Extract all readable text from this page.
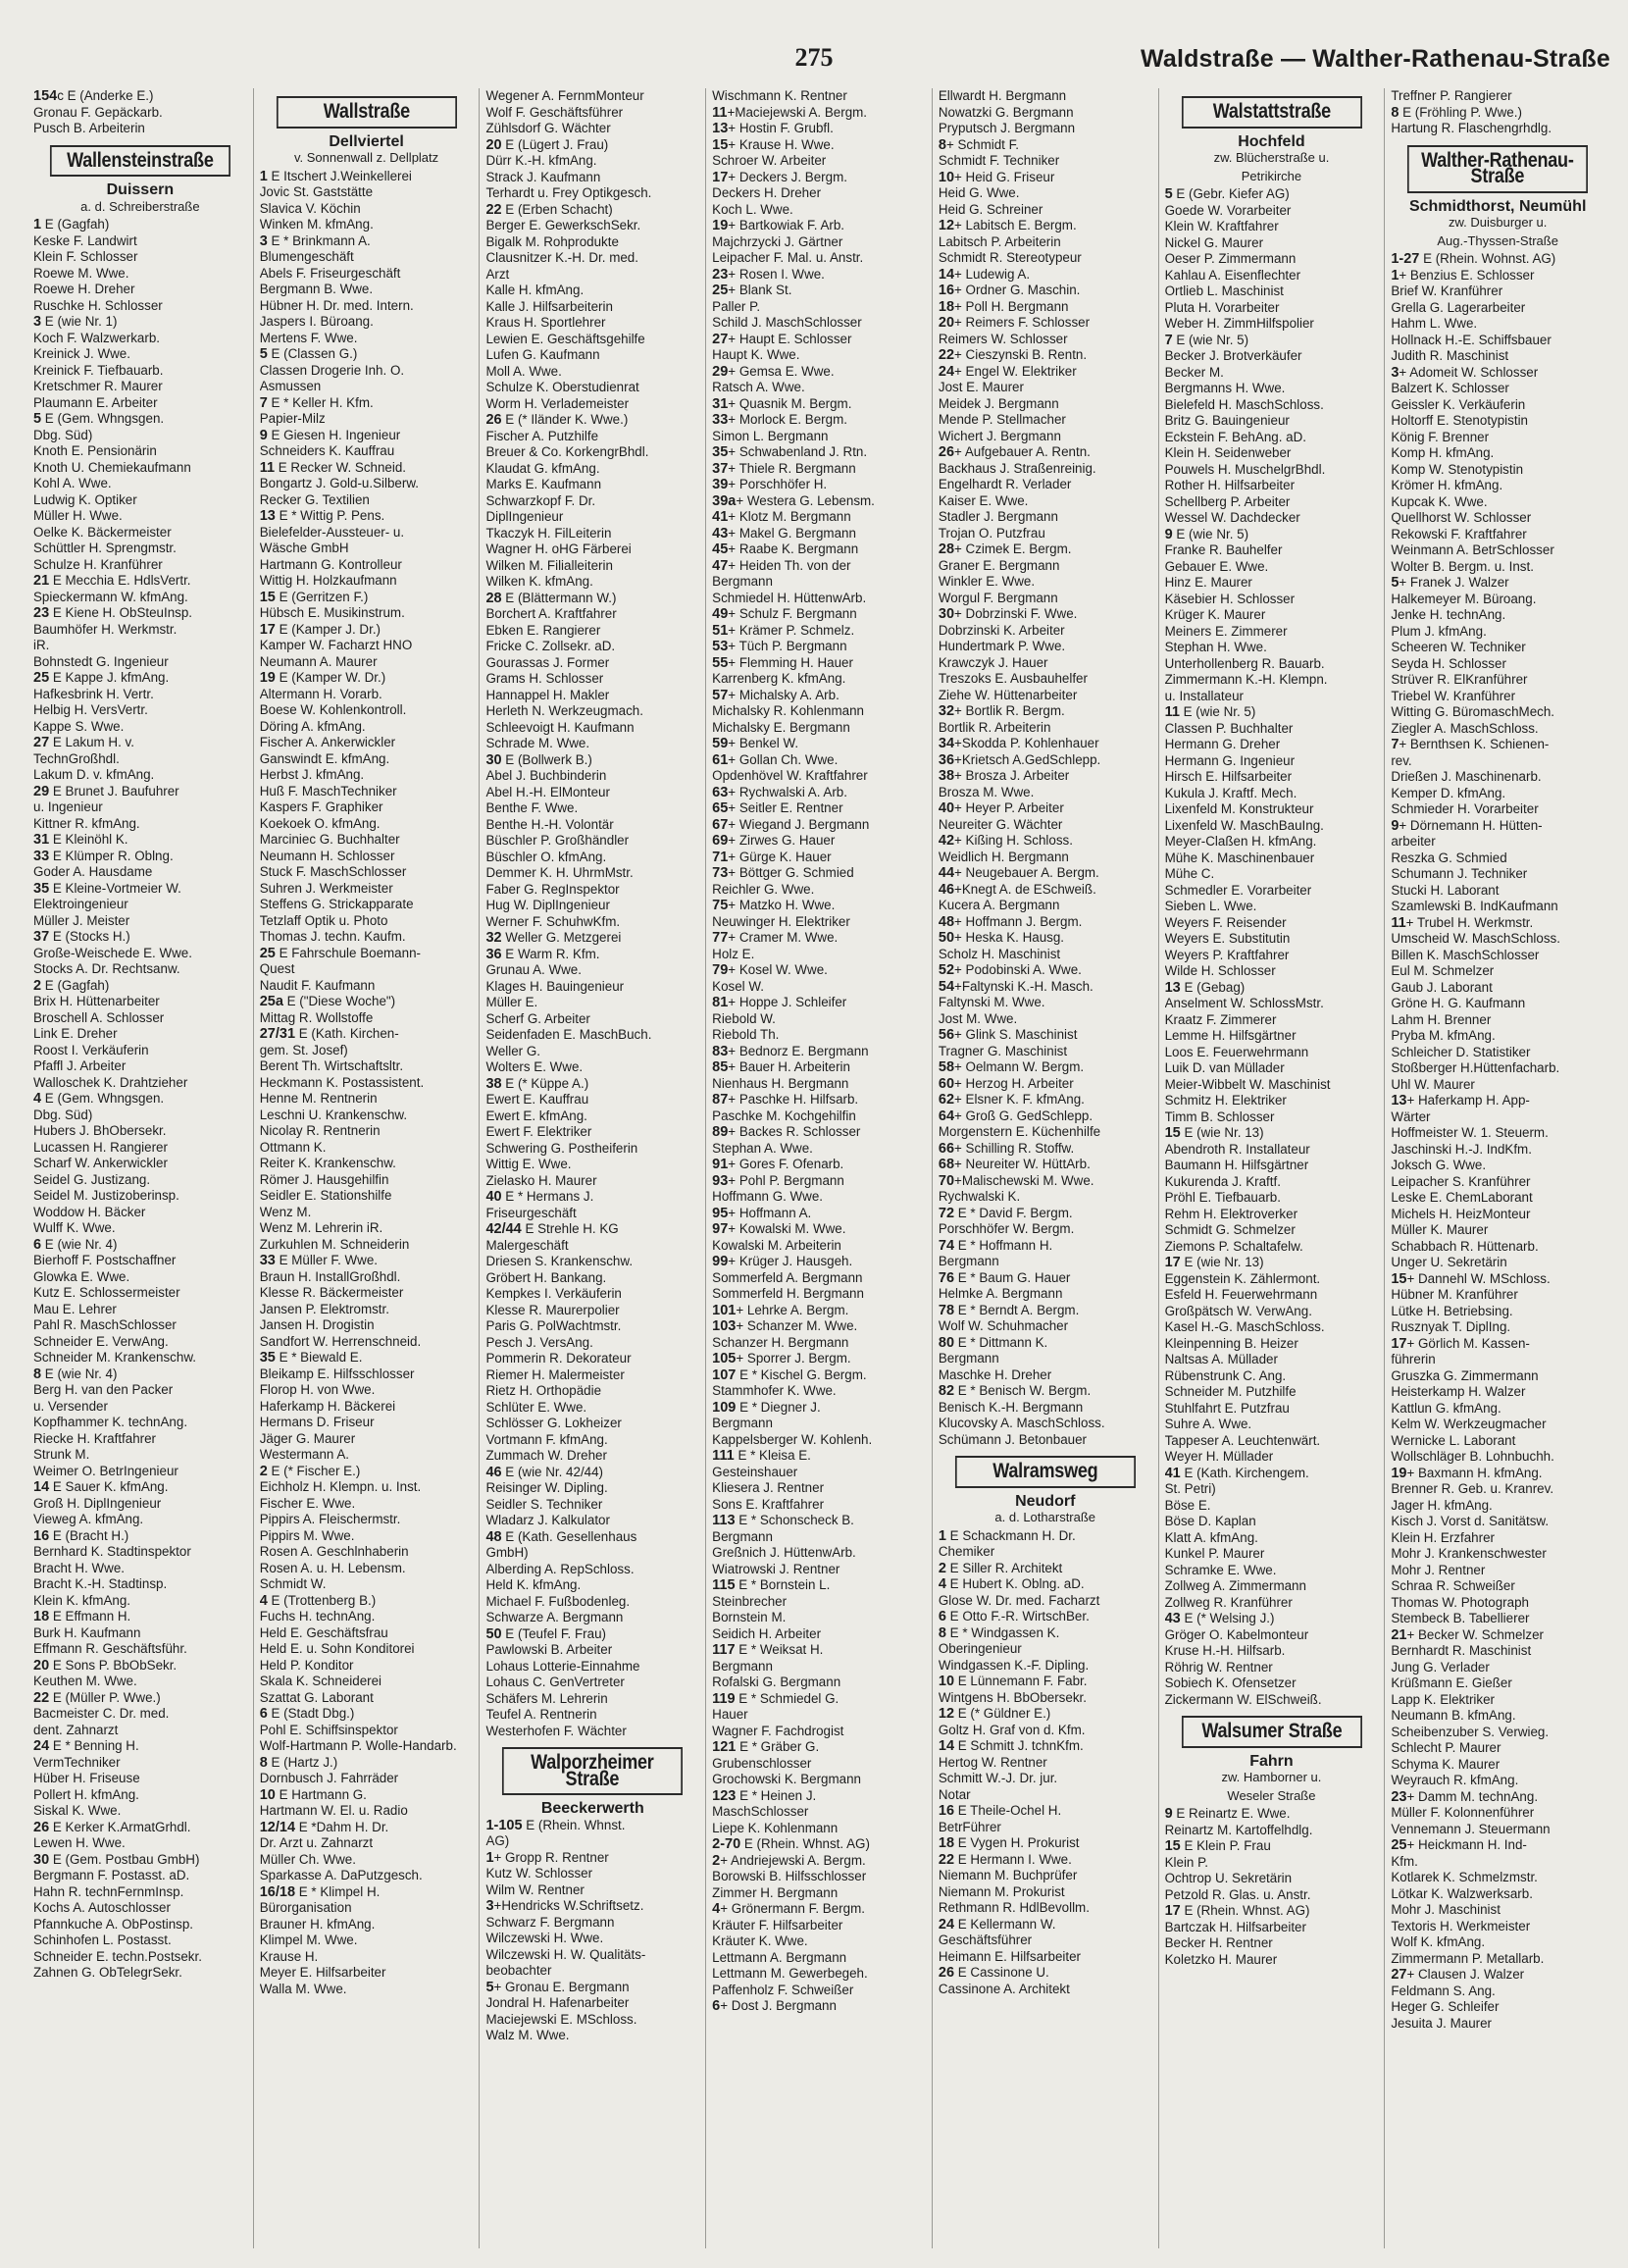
275	Waldstraße — Walther-Rathenau-Straße
154c E (Anderke E.)
Gronau F. Gepäckarb.
Pusch B. Arbeiterin
Wallensteinstraße
Duissern
a. d. Schreiberstraße
1 E (Gagfah)
Keske F. Landwirt
Klein F. Schlosser
Roewe M. Wwe.
Roewe H. Dreher
Ruschke H. Schlosser
3 E (wie Nr. 1)
Koch F. Walzwerkarb.
Kreinick J. Wwe.
Kreinick F. Tiefbauarb.
Kretschmer R. Maurer
Plaumann E. Arbeiter
5 E (Gem. Whngsgen.
Dbg. Süd)
Knoth E. Pensionärin
Knoth U. Chemiekaufmann
Kohl A. Wwe.
Ludwig K. Optiker
Müller H. Wwe.
Oelke K. Bäckermeister
Schüttler H. Sprengmstr.
Schulze H. Kranführer
21 E Mecchia E. HdlsVertr.
Spieckermann W. kfmAng.
23 E Kiene H. ObSteuInsp.
Baumhöfer H. Werkmstr.
iR.
Bohnstedt G. Ingenieur
25 E Kappe J. kfmAng.
Hafkesbrink H. Vertr.
Helbig H. VersVertr.
Kappe S. Wwe.
27 E Lakum H. v.
TechnGroßhdl.
Lakum D. v. kfmAng.
29 E Brunet J. Baufuhrer
u. Ingenieur
Kittner R. kfmAng.
31 E Kleinöhl K.
33 E Klümper R. Oblng.
Goder A. Hausdame
35 E Kleine-Vortmeier W.
Elektroingenieur
Müller J. Meister
37 E (Stocks H.)
Große-Weischede E. Wwe.
Stocks A. Dr. Rechtsanw.
2 E (Gagfah)
Brix H. Hüttenarbeiter
Broschell A. Schlosser
Link E. Dreher
Roost I. Verkäuferin
Pfaffl J. Arbeiter
Walloschek K. Drahtzieher
4 E (Gem. Whngsgen.
Dbg. Süd)
Hubers J. BhObersekr.
Lucassen H. Rangierer
Scharf W. Ankerwickler
Seidel G. Justizang.
Seidel M. Justizoberinsp.
Woddow H. Bäcker
Wulff K. Wwe.
6 E (wie Nr. 4)
Bierhoff F. Postschaffner
Glowka E. Wwe.
Kutz E. Schlossermeister
Mau E. Lehrer
Pahl R. MaschSchlosser
Schneider E. VerwAng.
Schneider M. Krankenschw.
8 E (wie Nr. 4)
Berg H. van den Packer
u. Versender
Kopfhammer K. technAng.
Riecke H. Kraftfahrer
Strunk M.
Weimer O. BetrIngenieur
14 E Sauer K. kfmAng.
Groß H. DiplIngenieur
Vieweg A. kfmAng.
16 E (Bracht H.)
Bernhard K. Stadtinspektor
Bracht H. Wwe.
Bracht K.-H. Stadtinsp.
Klein K. kfmAng.
18 E Effmann H.
Burk H. Kaufmann
Effmann R. Geschäftsführ.
20 E Sons P. BbObSekr.
Keuthen M. Wwe.
22 E (Müller P. Wwe.)
Bacmeister C. Dr. med.
dent. Zahnarzt
24 E * Benning H.
VermTechniker
Hüber H. Friseuse
Pollert H. kfmAng.
Siskal K. Wwe.
26 E Kerker K.ArmatGrhdl.
Lewen H. Wwe.
30 E (Gem. Postbau GmbH)
Bergmann F. Postasst. aD.
Hahn R. technFernmInsp.
Kochs A. Autoschlosser
Pfannkuche A. ObPostinsp.
Schinhofen L. Postasst.
Schneider E. techn.Postsekr.
Zahnen G. ObTelegrSekr.
Wallstraße
Dellviertel
v. Sonnenwall z. Dellplatz
1 E Itschert J.Weinkellerei
Jovic St. Gaststätte
Slavica V. Köchin
Winken M. kfmAng.
3 E * Brinkmann A.
Blumengeschäft
Abels F. Friseurgeschäft
Bergmann B. Wwe.
Hübner H. Dr. med. Intern.
Jaspers I. Büroang.
Mertens F. Wwe.
5 E (Classen G.)
Classen Drogerie Inh. O.
Asmussen
7 E * Keller H. Kfm.
Papier-Milz
9 E Giesen H. Ingenieur
Schneiders K. Kauffrau
11 E Recker W. Schneid.
Bongartz J. Gold-u.Silberw.
Recker G. Textilien
13 E * Wittig P. Pens.
Bielefelder-Aussteuer- u.
Wäsche GmbH
Hartmann G. Kontrolleur
Wittig H. Holzkaufmann
15 E (Gerritzen F.)
Hübsch E. Musikinstrum.
17 E (Kamper J. Dr.)
Kamper W. Facharzt HNO
Neumann A. Maurer
19 E (Kamper W. Dr.)
Altermann H. Vorarb.
Boese W. Kohlenkontroll.
Döring A. kfmAng.
Fischer A. Ankerwickler
Ganswindt E. kfmAng.
Herbst J. kfmAng.
Huß F. MaschTechniker
Kaspers F. Graphiker
Koekoek O. kfmAng.
Marciniec G. Buchhalter
Neumann H. Schlosser
Stuck F. MaschSchlosser
Suhren J. Werkmeister
Steffens G. Strickapparate
Tetzlaff Optik u. Photo
Thomas J. techn. Kaufm.
25 E Fahrschule Boemann-
Quest
Naudit F. Kaufmann
25a E ("Diese Woche")
Mittag R. Wollstoffe
27/31 E (Kath. Kirchen-
gem. St. Josef)
Berent Th. Wirtschaftsltr.
Heckmann K. Postassistent.
Henne M. Rentnerin
Leschni U. Krankenschw.
Nicolay R. Rentnerin
Ottmann K.
Reiter K. Krankenschw.
Römer J. Hausgehilfin
Seidler E. Stationshilfe
Wenz M.
Wenz M. Lehrerin iR.
Zurkuhlen M. Schneiderin
33 E Müller F. Wwe.
Braun H. InstallGroßhdl.
Klesse R. Bäckermeister
Jansen P. Elektromstr.
Jansen H. Drogistin
Sandfort W. Herrenschneid.
35 E * Biewald E.
Bleikamp E. Hilfsschlosser
Florop H. von Wwe.
Haferkamp H. Bäckerei
Hermans D. Friseur
Jäger G. Maurer
Westermann A.
2 E (* Fischer E.)
Eichholz H. Klempn. u. Inst.
Fischer E. Wwe.
Pippirs A. Fleischermstr.
Pippirs M. Wwe.
Rosen A. Geschlnhaberin
Rosen A. u. H. Lebensm.
Schmidt W.
4 E (Trottenberg B.)
Fuchs H. technAng.
Held E. Geschäftsfrau
Held E. u. Sohn Konditorei
Held P. Konditor
Skala K. Schneiderei
Szattat G. Laborant
6 E (Stadt Dbg.)
Pohl E. Schiffsinspektor
Wolf-Hartmann P. Wolle-Handarb.
8 E (Hartz J.)
Dornbusch J. Fahrräder
10 E Hartmann G.
Hartmann W. El. u. Radio
12/14 E *Dahm H. Dr.
Dr. Arzt u. Zahnarzt
Müller Ch. Wwe.
Sparkasse A. DaPutzgesch.
16/18 E * Klimpel H.
Bürorganisation
Brauner H. kfmAng.
Klimpel M. Wwe.
Krause H.
Meyer E. Hilfsarbeiter
Walla M. Wwe.
Wegener A. FernmMonteur
Wolf F. Geschäftsführer
Zühlsdorf G. Wächter
20 E (Lügert J. Frau)
Dürr K.-H. kfmAng.
Strack J. Kaufmann
Terhardt u. Frey Optikgesch.
22 E (Erben Schacht)
Berger E. GewerkschSekr.
Bigalk M. Rohprodukte
Clausnitzer K.-H. Dr. med.
Arzt
Kalle H. kfmAng.
Kalle J. Hilfsarbeiterin
Kraus H. Sportlehrer
Lewien E. Geschäftsgehilfe
Lufen G. Kaufmann
Moll A. Wwe.
Schulze K. Oberstudienrat
Worm H. Verlademeister
26 E (* Iländer K. Wwe.)
Fischer A. Putzhilfe
Breuer & Co. KorkengrBhdl.
Klaudat G. kfmAng.
Marks E. Kaufmann
Schwarzkopf F. Dr.
DiplIngenieur
Tkaczyk H. FilLeiterin
Wagner H. oHG Färberei
Wilken M. Filialleiterin
Wilken K. kfmAng.
28 E (Blättermann W.)
Borchert A. Kraftfahrer
Ebken E. Rangierer
Fricke C. Zollsekr. aD.
Gourassas J. Former
Grams H. Schlosser
Hannappel H. Makler
Herleth N. Werkzeugmach.
Schleevoigt H. Kaufmann
Schrade M. Wwe.
30 E (Bollwerk B.)
Abel J. Buchbinderin
Abel H.-H. ElMonteur
Benthe F. Wwe.
Benthe H.-H. Volontär
Büschler P. Großhändler
Büschler O. kfmAng.
Demmer K. H. UhrmMstr.
Faber G. RegInspektor
Hug W. DiplIngenieur
Werner F. SchuhwKfm.
32 Weller G. Metzgerei
36 E Warm R. Kfm.
Grunau A. Wwe.
Klages H. Bauingenieur
Müller E.
Scherf G. Arbeiter
Seidenfaden E. MaschBuch.
Weller G.
Wolters E. Wwe.
38 E (* Küppe A.)
Ewert E. Kauffrau
Ewert E. kfmAng.
Ewert F. Elektriker
Schwering G. Postheiferin
Wittig E. Wwe.
Zielasko H. Maurer
40 E * Hermans J.
Friseurgeschäft
42/44 E Strehle H. KG
Malergeschäft
Driesen S. Krankenschw.
Gröbert H. Bankang.
Kempkes I. Verkäuferin
Klesse R. Maurerpolier
Paris G. PolWachtmstr.
Pesch J. VersAng.
Pommerin R. Dekorateur
Riemer H. Malermeister
Rietz H. Orthopädie
Schlüter E. Wwe.
Schlösser G. Lokheizer
Vortmann F. kfmAng.
Zummach W. Dreher
46 E (wie Nr. 42/44)
Reisinger W. Dipling.
Seidler S. Techniker
Wladarz J. Kalkulator
48 E (Kath. Gesellenhaus
GmbH)
Alberding A. RepSchloss.
Held K. kfmAng.
Michael F. Fußbodenleg.
Schwarze A. Bergmann
50 E (Teufel F. Frau)
Pawlowski B. Arbeiter
Lohaus Lotterie-Einnahme
Lohaus C. GenVertreter
Schäfers M. Lehrerin
Teufel A. Rentnerin
Westerhofen F. Wächter
Walporzheimer Straße
Beeckerwerth
1-105 E (Rhein. Whnst.
AG)
1+ Gropp R. Rentner
Kutz W. Schlosser
Wilm W. Rentner
3+Hendricks W.Schriftsetz.
Schwarz F. Bergmann
Wilczewski H. Wwe.
Wilczewski H. W. Qualitäts-
beobachter
5+ Gronau E. Bergmann
Jondral H. Hafenarbeiter
Maciejewski E. MSchloss.
Walz M. Wwe.
Wischmann K. Rentner
11+Maciejewski A. Bergm.
13+ Hostin F. Grubfl.
15+ Krause H. Wwe.
Schroer W. Arbeiter
17+ Deckers J. Bergm.
Deckers H. Dreher
Koch L. Wwe.
19+ Bartkowiak F. Arb.
Majchrzycki J. Gärtner
Leipacher F. Mal. u. Anstr.
23+ Rosen I. Wwe.
25+ Blank St.
Paller P.
Schild J. MaschSchlosser
27+ Haupt E. Schlosser
Haupt K. Wwe.
29+ Gemsa E. Wwe.
Ratsch A. Wwe.
31+ Quasnik M. Bergm.
33+ Morlock E. Bergm.
Simon L. Bergmann
35+ Schwabenland J. Rtn.
37+ Thiele R. Bergmann
39+ Porschhöfer H.
39a+ Westera G. Lebensm.
41+ Klotz M. Bergmann
43+ Makel G. Bergmann
45+ Raabe K. Bergmann
47+ Heiden Th. von der
Bergmann
Schmiedel H. HüttenwArb.
49+ Schulz F. Bergmann
51+ Krämer P. Schmelz.
53+ Tüch P. Bergmann
55+ Flemming H. Hauer
Karrenberg K. kfmAng.
57+ Michalsky A. Arb.
Michalsky R. Kohlenmann
Michalsky E. Bergmann
59+ Benkel W.
61+ Gollan Ch. Wwe.
Opdenhövel W. Kraftfahrer
63+ Rychwalski A. Arb.
65+ Seitler E. Rentner
67+ Wiegand J. Bergmann
69+ Zirwes G. Hauer
71+ Gürge K. Hauer
73+ Böttger G. Schmied
Reichler G. Wwe.
75+ Matzko H. Wwe.
Neuwinger H. Elektriker
77+ Cramer M. Wwe.
Holz E.
79+ Kosel W. Wwe.
Kosel W.
81+ Hoppe J. Schleifer
Riebold W.
Riebold Th.
83+ Bednorz E. Bergmann
85+ Bauer H. Arbeiterin
Nienhaus H. Bergmann
87+ Paschke H. Hilfsarb.
Paschke M. Kochgehilfin
89+ Backes R. Schlosser
Stephan A. Wwe.
91+ Gores F. Ofenarb.
93+ Pohl P. Bergmann
Hoffmann G. Wwe.
95+ Hoffmann A.
97+ Kowalski M. Wwe.
Kowalski M. Arbeiterin
99+ Krüger J. Hausgeh.
Sommerfeld A. Bergmann
Sommerfeld H. Bergmann
101+ Lehrke A. Bergm.
103+ Schanzer M. Wwe.
Schanzer H. Bergmann
105+ Sporrer J. Bergm.
107 E * Kischel G. Bergm.
Stammhofer K. Wwe.
109 E * Diegner J.
Bergmann
Kappelsberger W. Kohlenh.
111 E * Kleisa E.
Gesteinshauer
Kliesera J. Rentner
Sons E. Kraftfahrer
113 E * Schonscheck B.
Bergmann
Greßnich J. HüttenwArb.
Wiatrowski J. Rentner
115 E * Bornstein L.
Steinbrecher
Bornstein M.
Seidich H. Arbeiter
117 E * Weiksat H.
Bergmann
Rofalski G. Bergmann
119 E * Schmiedel G.
Hauer
Wagner F. Fachdrogist
121 E * Gräber G.
Grubenschlosser
Grochowski K. Bergmann
123 E * Heinen J.
MaschSchlosser
Liepe K. Kohlenmann
2-70 E (Rhein. Whnst. AG)
2+ Andriejewski A. Bergm.
Borowski B. Hilfsschlosser
Zimmer H. Bergmann
4+ Grönermann F. Bergm.
Kräuter F. Hilfsarbeiter
Kräuter K. Wwe.
Lettmann A. Bergmann
Lettmann M. Gewerbegeh.
Paffenholz F. Schweißer
6+ Dost J. Bergmann
Ellwardt H. Bergmann
Nowatzki G. Bergmann
Pryputsch J. Bergmann
8+ Schmidt F.
Schmidt F. Techniker
10+ Heid G. Friseur
Heid G. Wwe.
Heid G. Schreiner
12+ Labitsch E. Bergm.
Labitsch P. Arbeiterin
Schmidt R. Stereotypeur
14+ Ludewig A.
16+ Ordner G. Maschin.
18+ Poll H. Bergmann
20+ Reimers F. Schlosser
Reimers W. Schlosser
22+ Cieszynski B. Rentn.
24+ Engel W. Elektriker
Jost E. Maurer
Meidek J. Bergmann
Mende P. Stellmacher
Wichert J. Bergmann
26+ Aufgebauer A. Rentn.
Backhaus J. Straßenreinig.
Engelhardt R. Verlader
Kaiser E. Wwe.
Stadler J. Bergmann
Trojan O. Putzfrau
28+ Czimek E. Bergm.
Graner E. Bergmann
Winkler E. Wwe.
Worgul F. Bergmann
30+ Dobrzinski F. Wwe.
Dobrzinski K. Arbeiter
Hundertmark P. Wwe.
Krawczyk J. Hauer
Treszoks E. Ausbauhelfer
Ziehe W. Hüttenarbeiter
32+ Bortlik R. Bergm.
Bortlik R. Arbeiterin
34+Skodda P. Kohlenhauer
36+Krietsch A.GedSchlepp.
38+ Brosza J. Arbeiter
Brosza M. Wwe.
40+ Heyer P. Arbeiter
Neureiter G. Wächter
42+ Kißing H. Schloss.
Weidlich H. Bergmann
44+ Neugebauer A. Bergm.
46+Knegt A. de ESchweiß.
Kucera A. Bergmann
48+ Hoffmann J. Bergm.
50+ Heska K. Hausg.
Scholz H. Maschinist
52+ Podobinski A. Wwe.
54+Faltynski K.-H. Masch.
Faltynski M. Wwe.
Jost M. Wwe.
56+ Glink S. Maschinist
Tragner G. Maschinist
58+ Oelmann W. Bergm.
60+ Herzog H. Arbeiter
62+ Elsner K. F. kfmAng.
64+ Groß G. GedSchlepp.
Morgenstern E. Küchenhilfe
66+ Schilling R. Stoffw.
68+ Neureiter W. HüttArb.
70+Malischewski M. Wwe.
Rychwalski K.
72 E * David F. Bergm.
Porschhöfer W. Bergm.
74 E * Hoffmann H.
Bergmann
76 E * Baum G. Hauer
Helmke A. Bergmann
78 E * Berndt A. Bergm.
Wolf W. Schuhmacher
80 E * Dittmann K.
Bergmann
Maschke H. Dreher
82 E * Benisch W. Bergm.
Benisch K.-H. Bergmann
Klucovsky A. MaschSchloss.
Schümann J. Betonbauer
Walramsweg
Neudorf
a. d. Lotharstraße
1 E Schackmann H. Dr.
Chemiker
2 E Siller R. Architekt
4 E Hubert K. Oblng. aD.
Glose W. Dr. med. Facharzt
6 E Otto F.-R. WirtschBer.
8 E * Windgassen K.
Oberingenieur
Windgassen K.-F. Dipling.
10 E Lünnemann F. Fabr.
Wintgens H. BbObersekr.
12 E (* Güldner E.)
Goltz H. Graf von d. Kfm.
14 E Schmitt J. tchnKfm.
Hertog W. Rentner
Schmitt W.-J. Dr. jur.
Notar
16 E Theile-Ochel H.
BetrFührer
18 E Vygen H. Prokurist
22 E Hermann I. Wwe.
Niemann M. Buchprüfer
Niemann M. Prokurist
Rethmann R. HdlBevollm.
24 E Kellermann W.
Geschäftsführer
Heimann E. Hilfsarbeiter
26 E Cassinone U.
Cassinone A. Architekt
Walstattstraße
Hochfeld
zw. Blücherstraße u.
Petrikirche
5 E (Gebr. Kiefer AG)
Goede W. Vorarbeiter
Klein W. Kraftfahrer
Nickel G. Maurer
Oeser P. Zimmermann
Kahlau A. Eisenflechter
Ortlieb L. Maschinist
Pluta H. Vorarbeiter
Weber H. ZimmHilfspolier
7 E (wie Nr. 5)
Becker J. Brotverkäufer
Becker M.
Bergmanns H. Wwe.
Bielefeld H. MaschSchloss.
Britz G. Bauingenieur
Eckstein F. BehAng. aD.
Klein H. Seidenweber
Pouwels H. MuschelgrBhdl.
Rother H. Hilfsarbeiter
Schellberg P. Arbeiter
Wessel W. Dachdecker
9 E (wie Nr. 5)
Franke R. Bauhelfer
Gebauer E. Wwe.
Hinz E. Maurer
Käsebier H. Schlosser
Krüger K. Maurer
Meiners E. Zimmerer
Stephan H. Wwe.
Unterhollenberg R. Bauarb.
Zimmermann K.-H. Klempn.
u. Installateur
11 E (wie Nr. 5)
Classen P. Buchhalter
Hermann G. Dreher
Hermann G. Ingenieur
Hirsch E. Hilfsarbeiter
Kukula J. Kraftf. Mech.
Lixenfeld M. Konstrukteur
Lixenfeld W. MaschBauIng.
Meyer-Claßen H. kfmAng.
Mühe K. Maschinenbauer
Mühe C.
Schmedler E. Vorarbeiter
Sieben L. Wwe.
Weyers F. Reisender
Weyers E. Substitutin
Weyers P. Kraftfahrer
Wilde H. Schlosser
13 E (Gebag)
Anselment W. SchlossMstr.
Kraatz F. Zimmerer
Lemme H. Hilfsgärtner
Loos E. Feuerwehrmann
Luik D. van Müllader
Meier-Wibbelt W. Maschinist
Schmitz H. Elektriker
Timm B. Schlosser
15 E (wie Nr. 13)
Abendroth R. Installateur
Baumann H. Hilfsgärtner
Kukurenda J. Kraftf.
Pröhl E. Tiefbauarb.
Rehm H. Elektroverker
Schmidt G. Schmelzer
Ziemons P. Schaltafelw.
17 E (wie Nr. 13)
Eggenstein K. Zählermont.
Esfeld H. Feuerwehrmann
Großpätsch W. VerwAng.
Kasel H.-G. MaschSchloss.
Kleinpenning B. Heizer
Naltsas A. Müllader
Rübenstrunk C. Ang.
Schneider M. Putzhilfe
Stuhlfahrt E. Putzfrau
Suhre A. Wwe.
Tappeser A. Leuchtenwärt.
Weyer H. Müllader
41 E (Kath. Kirchengem.
St. Petri)
Böse E.
Böse D. Kaplan
Klatt A. kfmAng.
Kunkel P. Maurer
Schramke E. Wwe.
Zollweg A. Zimmermann
Zollweg R. Kranführer
43 E (* Welsing J.)
Gröger O. Kabelmonteur
Kruse H.-H. Hilfsarb.
Röhrig W. Rentner
Sobiech K. Ofensetzer
Zickermann W. ElSchweiß.
Walsumer Straße
Fahrn
zw. Hamborner u.
Weseler Straße
9 E Reinartz E. Wwe.
Reinartz M. Kartoffelhdlg.
15 E Klein P. Frau
Klein P.
Ochtrop U. Sekretärin
Petzold R. Glas. u. Anstr.
17 E (Rhein. Whnst. AG)
Bartczak H. Hilfsarbeiter
Becker H. Rentner
Koletzko H. Maurer
Treffner P. Rangierer
8 E (Fröhling P. Wwe.)
Hartung R. Flaschengrhdlg.
Walther-Rathenau-Straße
Schmidthorst, Neumühl
zw. Duisburger u.
Aug.-Thyssen-Straße
1-27 E (Rhein. Wohnst. AG)
1+ Benzius E. Schlosser
Brief W. Kranführer
Grella G. Lagerarbeiter
Hahm L. Wwe.
Hollnack H.-E. Schiffsbauer
Judith R. Maschinist
3+ Adomeit W. Schlosser
Balzert K. Schlosser
Geissler K. Verkäuferin
Holtorff E. Stenotypistin
König F. Brenner
Komp H. kfmAng.
Komp W. Stenotypistin
Krömer H. kfmAng.
Kupcak K. Wwe.
Quellhorst W. Schlosser
Rekowski F. Kraftfahrer
Weinmann A. BetrSchlosser
Wolter B. Bergm. u. Inst.
5+ Franek J. Walzer
Halkemeyer M. Büroang.
Jenke H. technAng.
Plum J. kfmAng.
Scheeren W. Techniker
Seyda H. Schlosser
Strüver R. ElKranführer
Triebel W. Kranführer
Witting G. BüromaschMech.
Ziegler A. MaschSchloss.
7+ Bernthsen K. Schienen-
rev.
Drießen J. Maschinenarb.
Kemper D. kfmAng.
Schmieder H. Vorarbeiter
9+ Dörnemann H. Hütten-
arbeiter
Reszka G. Schmied
Schumann J. Techniker
Stucki H. Laborant
Szamlewski B. IndKaufmann
11+ Trubel H. Werkmstr.
Umscheid W. MaschSchloss.
Billen K. MaschSchlosser
Eul M. Schmelzer
Gaub J. Laborant
Gröne H. G. Kaufmann
Lahm H. Brenner
Pryba M. kfmAng.
Schleicher D. Statistiker
Stoßberger H.Hüttenfacharb.
Uhl W. Maurer
13+ Haferkamp H. App-
Wärter
Hoffmeister W. 1. Steuerm.
Jaschinski H.-J. IndKfm.
Joksch G. Wwe.
Leipacher S. Kranführer
Leske E. ChemLaborant
Michels H. HeizMonteur
Müller K. Maurer
Schabbach R. Hüttenarb.
Unger U. Sekretärin
15+ Dannehl W. MSchloss.
Hübner M. Kranführer
Lütke H. Betriebsing.
Rusznyak T. DiplIng.
17+ Görlich M. Kassen-
führerin
Gruszka G. Zimmermann
Heisterkamp H. Walzer
Kattlun G. kfmAng.
Kelm W. Werkzeugmacher
Wernicke L. Laborant
Wollschläger B. Lohnbuchh.
19+ Baxmann H. kfmAng.
Brenner R. Geb. u. Kranrev.
Jager H. kfmAng.
Kisch J. Vorst d. Sanitätsw.
Klein H. Erzfahrer
Mohr J. Krankenschwester
Mohr J. Rentner
Schraa R. Schweißer
Thomas W. Photograph
Stembeck B. Tabellierer
21+ Becker W. Schmelzer
Bernhardt R. Maschinist
Jung G. Verlader
Krüßmann E. Gießer
Lapp K. Elektriker
Neumann B. kfmAng.
Scheibenzuber S. Verwieg.
Schlecht P. Maurer
Schyma K. Maurer
Weyrauch R. kfmAng.
23+ Damm M. technAng.
Müller F. Kolonnenführer
Vennemann J. Steuermann
25+ Heickmann H. Ind-
Kfm.
Kotlarek K. Schmelzmstr.
Lötkar K. Walzwerksarb.
Mohr J. Maschinist
Textoris H. Werkmeister
Wolf K. kfmAng.
Zimmermann P. Metallarb.
27+ Clausen J. Walzer
Feldmann S. Ang.
Heger G. Schleifer
Jesuita J. Maurer
